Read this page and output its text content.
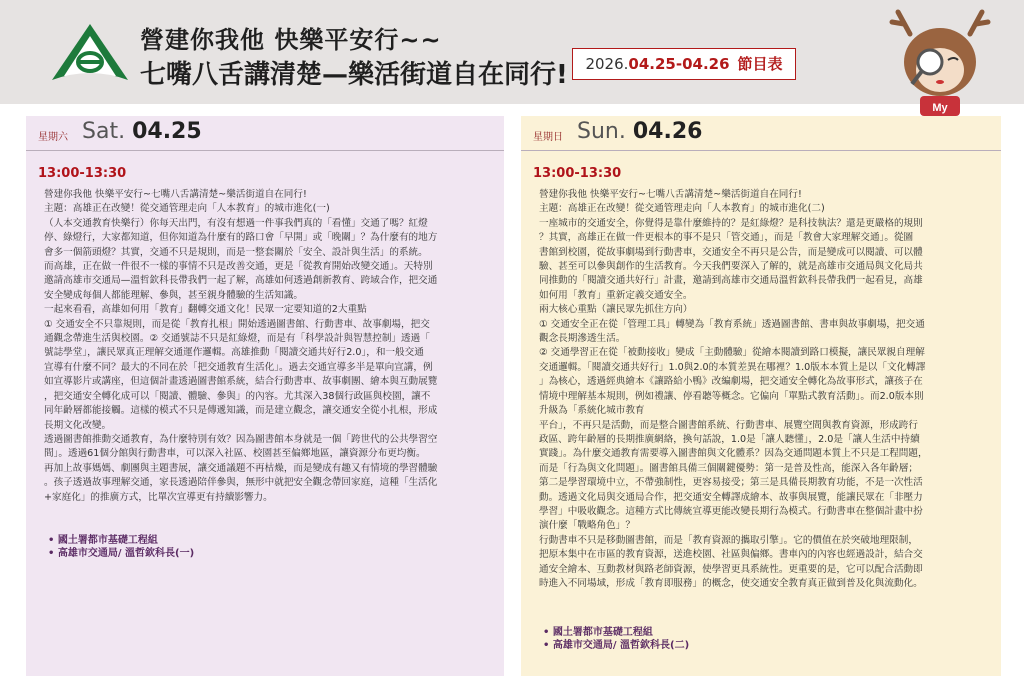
營建你我他 快樂平安行~~
七嘴八舌講清楚—樂活街道自在同行!	2026.04.25-04.26 節目表
My
星期六 Sat. 04.25
13:00-13:30
營建你我他 快樂平安行~七嘴八舌講清楚~樂活街道自在同行!
主題：高雄正在改變！從交通管理走向「人本教育」的城市進化(一)
（人本交通教育快樂行）你每天出門，有沒有想過一件事我們真的「看懂」交通了嗎？紅燈
停、綠燈行，大家都知道，但你知道為什麼有的路口會「早開」或「晚關」？為什麼有的地方
會多一個箭頭燈？其實，交通不只是規則，而是一整套關於「安全、設計與生活」的系統。
而高雄，正在做一件很不一樣的事情不只是改善交通，更是「從教育開始改變交通」。天特別
邀請高雄市交通局—溫哲欽科長帶我們一起了解，高雄如何透過創新教育、跨域合作，把交通
安全變成每個人都能理解、參與，甚至親身體驗的生活知識。
一起來看看，高雄如何用「教育」翻轉交通文化！民眾一定要知道的2大重點
① 交通安全不只靠規則，而是從「教育扎根」開始透過圖書館、行動書車、故事劇場，把交
通觀念帶進生活與校園。② 交通號誌不只是紅綠燈，而是有「科學設計與智慧控制」透過「
號誌學堂」，讓民眾真正理解交通運作邏輯。高雄推動「閱讀交通共好行2.0」，和一般交通
宣導有什麼不同？最大的不同在於「把交通教育生活化」。過去交通宣導多半是單向宣講，例
如宣導影片或講座，但這個計畫透過圖書館系統，結合行動書車、故事劇團、繪本與互動展覽
，把交通安全轉化成可以「閱讀、體驗、參與」的內容。尤其深入38個行政區與校園，讓不
同年齡層都能接觸。這樣的模式不只是傳遞知識，而是建立觀念，讓交通安全從小扎根，形成
長期文化改變。
透過圖書館推動交通教育，為什麼特別有效？因為圖書館本身就是一個「跨世代的公共學習空
間」。透過61個分館與行動書車，可以深入社區、校園甚至偏鄉地區，讓資源分布更均衡。
再加上故事媽媽、劇團與主題書展，讓交通議題不再枯燥，而是變成有趣又有情境的學習體驗
。孩子透過故事理解交通，家長透過陪伴參與，無形中就把安全觀念帶回家庭，這種「生活化
+家庭化」的推廣方式，比單次宣導更有持續影響力。
• 國土署都市基礎工程組
• 高雄市交通局/ 溫哲欽科長(一)
星期日 Sun. 04.26
13:00-13:30
營建你我他 快樂平安行~七嘴八舌講清楚~樂活街道自在同行!
主題：高雄正在改變！從交通管理走向「人本教育」的城市進化(二)
一座城市的交通安全，你覺得是靠什麼維持的？是紅綠燈？是科技執法？還是更嚴格的規則
？其實，高雄正在做一件更根本的事不是只「管交通」，而是「教會大家理解交通」。從圖
書館到校園，從故事劇場到行動書車，交通安全不再只是公告，而是變成可以閱讀、可以體
驗、甚至可以參與創作的生活教育。今天我們要深入了解的，就是高雄市交通局與文化局共
同推動的「閱讀交通共好行」計畫，邀請到高雄市交通局溫哲欽科長帶我們一起看見，高雄
如何用「教育」重新定義交通安全。
兩大核心重點（讓民眾先抓住方向）
① 交通安全正在從「管理工具」轉變為「教育系統」透過圖書館、書車與故事劇場，把交通
觀念長期滲透生活。
② 交通學習正在從「被動接收」變成「主動體驗」從繪本閱讀到路口模擬，讓民眾親自理解
交通邏輯。「閱讀交通共好行」1.0與2.0的本質差異在哪裡？1.0版本本質上是以「文化轉譯
」為核心，透過經典繪本《讓路給小鴨》改編劇場，把交通安全轉化為故事形式，讓孩子在
情境中理解基本規則，例如禮讓、停看聽等概念。它偏向「單點式教育活動」。而2.0版本則
升級為「系統化城市教育
平台」，不再只是活動，而是整合圖書館系統、行動書車、展覽空間與教育資源，形成跨行
政區、跨年齡層的長期推廣網絡，換句話說，1.0是「讓人聽懂」，2.0是「讓人生活中持續
實踐」。為什麼交通教育需要導入圖書館與文化體系？因為交通問題本質上不只是工程問題，
而是「行為與文化問題」。圖書館具備三個關鍵優勢：第一是普及性高，能深入各年齡層；
第二是學習環境中立，不帶強制性，更容易接受；第三是具備長期教育功能，不是一次性活
動。透過文化局與交通局合作，把交通安全轉譯成繪本、故事與展覽，能讓民眾在「非壓力
學習」中吸收觀念。這種方式比傳統宣導更能改變長期行為模式。行動書車在整個計畫中扮
演什麼「戰略角色」？
行動書車不只是移動圖書館，而是「教育資源的攜取引擎」。它的價值在於突破地理限制，
把原本集中在市區的教育資源，送進校園、社區與偏鄉。書車內的內容也經過設計，結合交
通安全繪本、互動教材與路老師資源，使學習更具系統性。更重要的是，它可以配合活動即
時進入不同場域，形成「教育即服務」的概念，使交通安全教育真正做到普及化與流動化。
• 國土署都市基礎工程組
• 高雄市交通局/ 溫哲欽科長(二)
